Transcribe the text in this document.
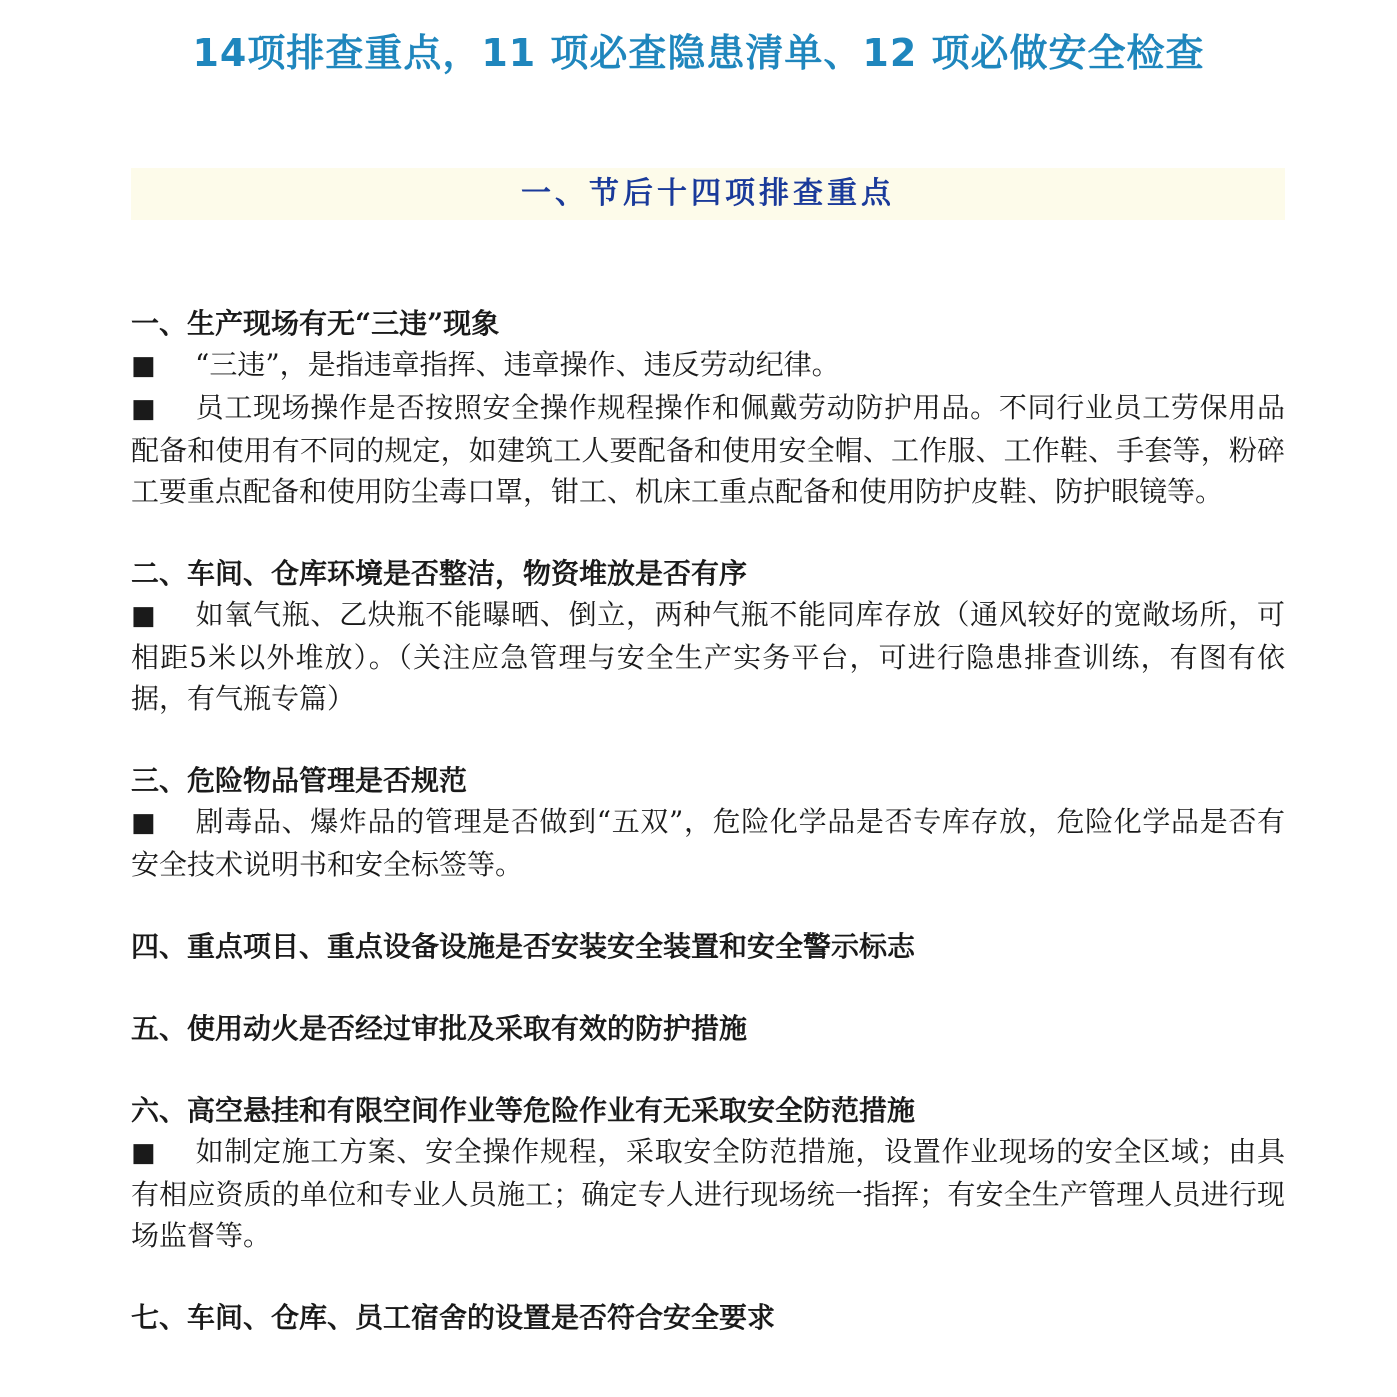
14项排查重点，11 项必查隐患清单、12 项必做安全检查
一、节后十四项排查重点
一、生产现场有无“三违”现象
■ “三违”，是指违章指挥、违章操作、违反劳动纪律。
■ 员工现场操作是否按照安全操作规程操作和佩戴劳动防护用品。不同行业员工劳保用品配备和使用有不同的规定，如建筑工人要配备和使用安全帽、工作服、工作鞋、手套等，粉碎工要重点配备和使用防尘毒口罩，钳工、机床工重点配备和使用防护皮鞋、防护眼镜等。
二、车间、仓库环境是否整洁，物资堆放是否有序
■ 如氧气瓶、乙炔瓶不能曝晒、倒立，两种气瓶不能同库存放（通风较好的宽敞场所，可相距5米以外堆放）。（关注应急管理与安全生产实务平台，可进行隐患排查训练，有图有依据，有气瓶专篇）
三、危险物品管理是否规范
■ 剧毒品、爆炸品的管理是否做到“五双”，危险化学品是否专库存放，危险化学品是否有安全技术说明书和安全标签等。
四、重点项目、重点设备设施是否安装安全装置和安全警示标志
五、使用动火是否经过审批及采取有效的防护措施
六、高空悬挂和有限空间作业等危险作业有无采取安全防范措施
■ 如制定施工方案、安全操作规程，采取安全防范措施，设置作业现场的安全区域；由具有相应资质的单位和专业人员施工；确定专人进行现场统一指挥；有安全生产管理人员进行现场监督等。
七、车间、仓库、员工宿舍的设置是否符合安全要求
